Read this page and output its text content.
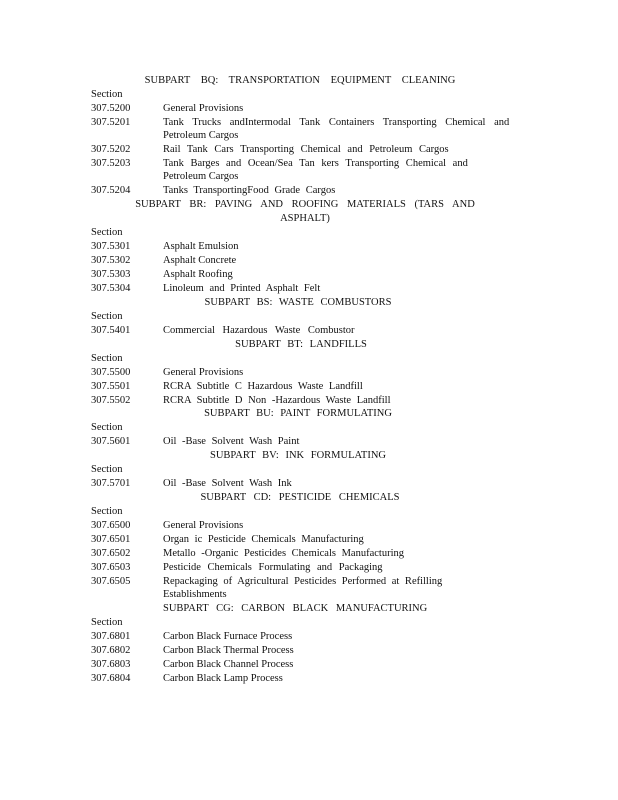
SUBPART BQ: TRANSPORTATION EQUIPMENT CLEANING
Section
307.5200	General Provisions
307.5201	Tank Trucks andIntermodal Tank Containers Transporting Chemical and
Petroleum Cargos
307.5202	Rail Tank Cars Transporting Chemical and Petroleum Cargos
307.5203	Tank Barges and Ocean/Sea Tan kers Transporting Chemical and
Petroleum Cargos
307.5204	Tanks TransportingFood Grade Cargos
SUBPART BR: PAVING AND ROOFING MATERIALS (TARS AND
ASPHALT)
Section
307.5301	Asphalt Emulsion
307.5302	Asphalt Concrete
307.5303	Asphalt Roofing
307.5304	Linoleum and Printed Asphalt Felt
SUBPART BS: WASTE COMBUSTORS
Section
307.5401	Commercial Hazardous Waste Combustor
SUBPART BT: LANDFILLS
Section
307.5500	General Provisions
307.5501	RCRA Subtitle C Hazardous Waste Landfill
307.5502	RCRA Subtitle D Non -Hazardous Waste Landfill
SUBPART BU: PAINT FORMULATING
Section
307.5601	Oil -Base Solvent Wash Paint
SUBPART BV: INK FORMULATING
Section
307.5701	Oil -Base Solvent Wash Ink
SUBPART CD: PESTICIDE CHEMICALS
Section
307.6500	General Provisions
307.6501	Organ ic Pesticide Chemicals Manufacturing
307.6502	Metallo -Organic Pesticides Chemicals Manufacturing
307.6503	Pesticide Chemicals Formulating and Packaging
307.6505	Repackaging of Agricultural Pesticides Performed at Refilling
Establishments
SUBPART CG: CARBON BLACK MANUFACTURING
Section
307.6801	Carbon Black Furnace Process
307.6802	Carbon Black Thermal Process
307.6803	Carbon Black Channel Process
307.6804	Carbon Black Lamp Process
